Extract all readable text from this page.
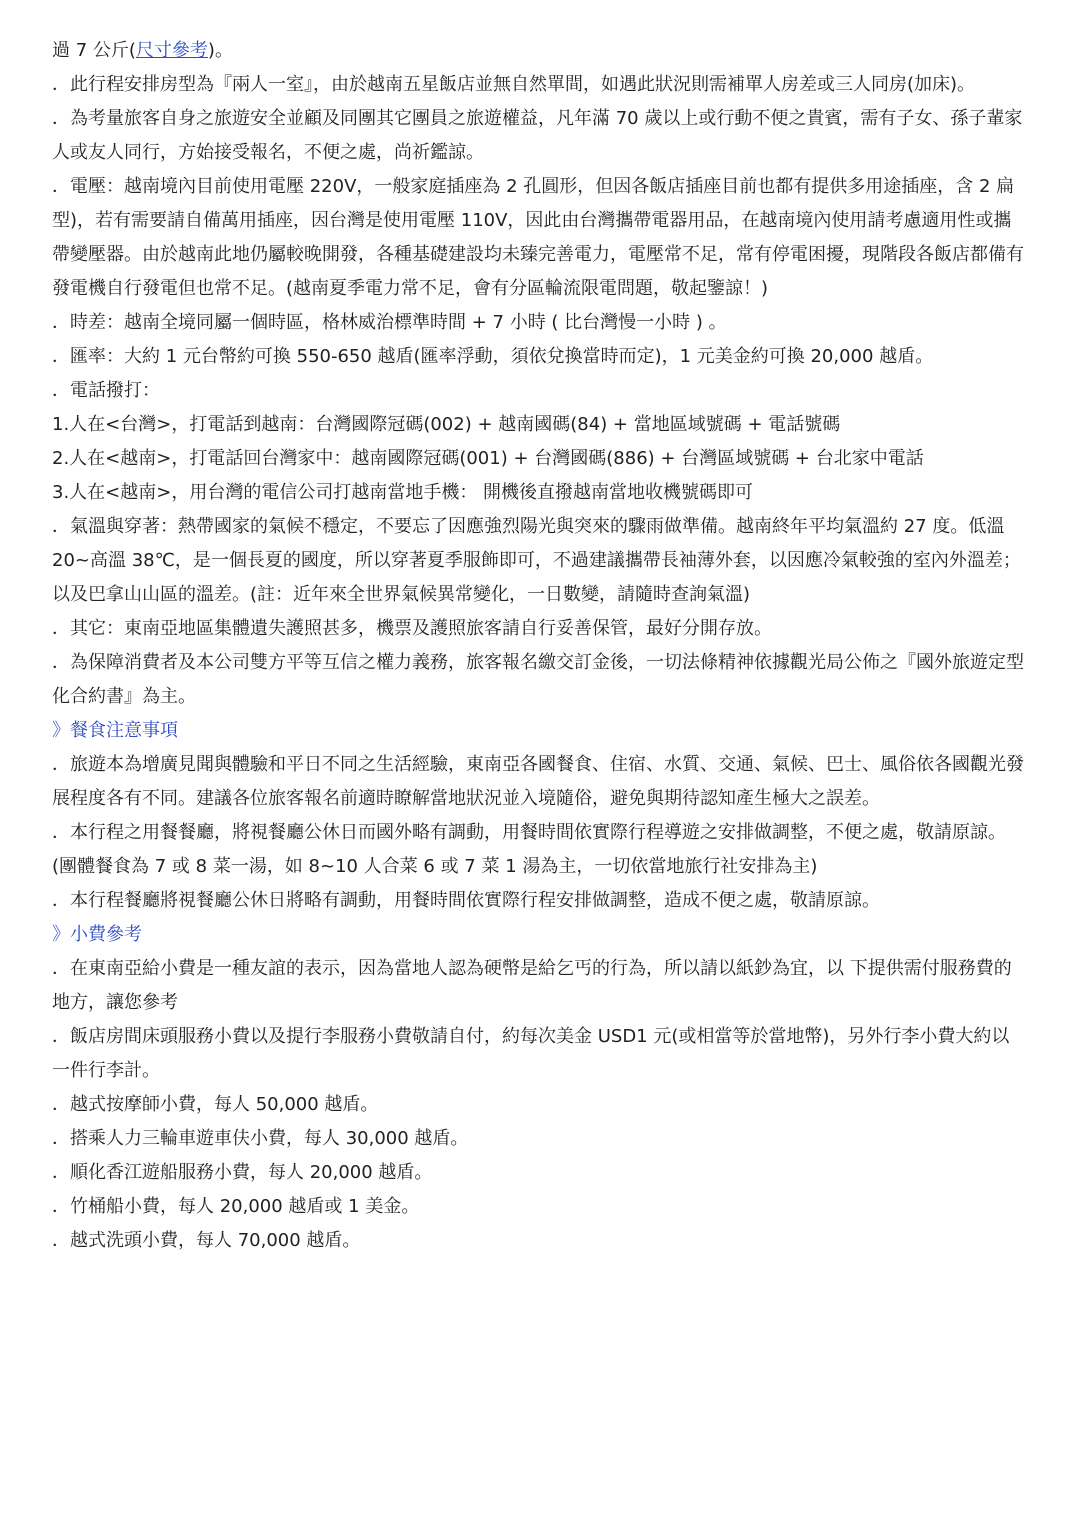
過 7 公斤(尺寸參考)。

．此行程安排房型為『兩人一室』，由於越南五星飯店並無自然單間，如遇此狀況則需補單人房差或三人同房(加床)。

．為考量旅客自身之旅遊安全並顧及同團其它團員之旅遊權益，凡年滿 70 歲以上或行動不便之貴賓，需有子女、孫子輩家人或友人同行，方始接受報名，不便之處，尚祈鑑諒。

．電壓：越南境內目前使用電壓 220V，一般家庭插座為 2 孔圓形，但因各飯店插座目前也都有提供多用途插座，含 2 扁型)，若有需要請自備萬用插座，因台灣是使用電壓 110V，因此由台灣攜帶電器用品，在越南境內使用請考慮適用性或攜帶變壓器。由於越南此地仍屬較晚開發，各種基礎建設均未臻完善電力，電壓常不足，常有停電困擾，現階段各飯店都備有發電機自行發電但也常不足。(越南夏季電力常不足，會有分區輪流限電問題，敬起鑒諒！)

．時差：越南全境同屬一個時區，格林威治標準時間 + 7 小時 ( 比台灣慢一小時 ) 。

．匯率：大約 1 元台幣約可換 550-650 越盾(匯率浮動，須依兌換當時而定)，1 元美金約可換 20,000 越盾。

．電話撥打：

1.人在<台灣>，打電話到越南：台灣國際冠碼(002) + 越南國碼(84) + 當地區域號碼 + 電話號碼

2.人在<越南>，打電話回台灣家中：越南國際冠碼(001) + 台灣國碼(886) + 台灣區域號碼 + 台北家中電話

3.人在<越南>，用台灣的電信公司打越南當地手機： 開機後直撥越南當地收機號碼即可

．氣溫與穿著：熱帶國家的氣候不穩定，不要忘了因應強烈陽光與突來的驟雨做準備。越南終年平均氣溫約 27 度。低溫 20~高溫 38℃，是一個長夏的國度，所以穿著夏季服飾即可，不過建議攜帶長袖薄外套，以因應冷氣較強的室內外溫差；以及巴拿山山區的溫差。(註：近年來全世界氣候異常變化，一日數變，請隨時查詢氣溫)

．其它：東南亞地區集體遺失護照甚多，機票及護照旅客請自行妥善保管，最好分開存放。

．為保障消費者及本公司雙方平等互信之權力義務，旅客報名繳交訂金後，一切法條精神依據觀光局公佈之『國外旅遊定型化合約書』為主。

》餐食注意事項

．旅遊本為增廣見聞與體驗和平日不同之生活經驗，東南亞各國餐食、住宿、水質、交通、氣候、巴士、風俗依各國觀光發展程度各有不同。建議各位旅客報名前適時瞭解當地狀況並入境隨俗，避免與期待認知產生極大之誤差。

．本行程之用餐餐廳，將視餐廳公休日而國外略有調動，用餐時間依實際行程導遊之安排做調整，不便之處，敬請原諒。(團體餐食為 7 或 8 菜一湯，如 8~10 人合菜 6 或 7 菜 1 湯為主，一切依當地旅行社安排為主)

．本行程餐廳將視餐廳公休日將略有調動，用餐時間依實際行程安排做調整，造成不便之處，敬請原諒。

》小費參考

．在東南亞給小費是一種友誼的表示，因為當地人認為硬幣是給乞丐的行為，所以請以紙鈔為宜，以 下提供需付服務費的地方，讓您參考

．飯店房間床頭服務小費以及提行李服務小費敬請自付，約每次美金 USD1 元(或相當等於當地幣)，另外行李小費大約以一件行李計。

．越式按摩師小費，每人 50,000 越盾。

．搭乘人力三輪車遊車伕小費，每人 30,000 越盾。

．順化香江遊船服務小費，每人 20,000 越盾。

．竹桶船小費，每人 20,000 越盾或 1 美金。

．越式洗頭小費，每人 70,000 越盾。
